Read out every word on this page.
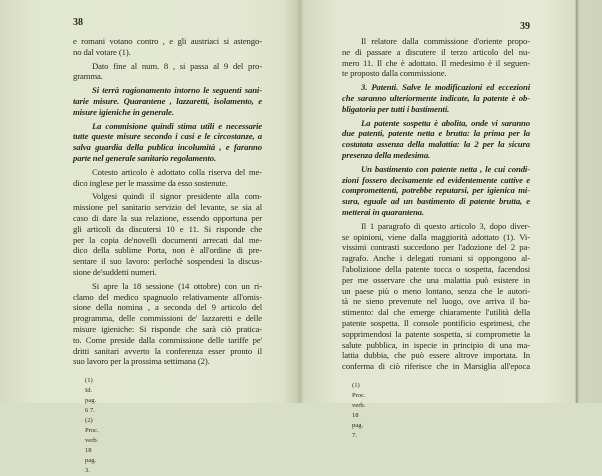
38
e romani votano contro , e gli austriaci si astengo-
no dal votare (1).
Dato fine al num. 8 , si passa al 9 del pro-
gramma.
Si terrà ragionamento intorno le seguenti sani-
tarie misure. Quarantene , lazzaretti, isolamento, e
misure igieniche in generale.
La commisione quindi stima utili e necessarie
tutte queste misure secondo i casi e le circostanze, a
salva guardia della publica incolumità , e faranno
parte nel generale sanitario regolamento.
Cotesto articolo è adottato colla riserva del me-
dico inglese per le massime da esso sostenute.
Volgesi quindi il signor presidente alla com-
missione pel sanitario servizio del levante, se sia al
caso di dare la sua relazione, essendo opportuna per
gli articoli da discutersi 10 e 11. Si risponde che
per la copia de'novelli documenti arrecati dal me-
dico della sublime Porta, non è all'ordine di pre-
sentare il suo lavoro: perlochè sospendesi la discus-
sione de'suddetti numeri.
Si apre la 18 sessione (14 ottobre) con un ri-
clamo del medico spagnuolo relativamente all'omis-
sione della nomina , a seconda del 9 articolo del
programma, delle commissioni de' lazzaretti e delle
misure igieniche: Si risponde che sarà ciò pratica-
to. Come preside dalla commissione delle tariffe pe'
dritti sanitari avverto la conferenza esser pronto il
suo lavoro per la prossima settimana (2).
(1) Id. pag. 6 7.
(2) Proc. verb. 18 pag. 3.
39
Il relatore dalla commissione d'oriente propo-
ne di passare a discutere il terzo articolo del nu-
mero 11. Il che è adottato. Il medesimo è il seguen-
te proposto dalla commissione.
3. Patenti. Salve le modificazioni ed eccezioni
che saranno ulteriormente indicate, la patente è ob-
bligatoria per tutti i bastimenti.
La patente sospetta è abolita, onde vi saranno
due patenti, patente netta e brutta: la prima per la
costatata assenza della malattia: la 2 per la sicura
presenza della medesima.
Un bastimento con patente netta , le cui condi-
zioni fossero decisamente ed evidentemente cattive e
compromettenti, potrebbe reputarsi, per igienica mi-
sura, eguale ad un bastimento di patente brutta, e
metterai in quarantena.
Il 1 paragrafo di questo articolo 3, dopo diver-
se opinioni, viene dalla maggiorità adottato (1). Vi-
vissimi contrasti succedono per l'adozione del 2 pa-
ragrafo. Anche i delegati romani si oppongono al-
l'abolizione della patente tocca o sospetta, facendosi
per me osservare che una malattia può esistere in
un paese più o meno lontano, senza che le autori-
tà ne sieno prevenute nel luogo, ove arriva il ba-
stimento: dal che emerge chiaramente l'utilità della
patente sospetta. Il console pontificio esprimesi, che
sopprimendosi la patente sospetta, si compromette la
salute pubblica, in ispecie in principio di una ma-
lattia dubbia, che può essere altrove importata. In
conferma di ciò riferisce che in Marsiglia all'epoca
(1) Proc. verb. 18 pag. 7.
